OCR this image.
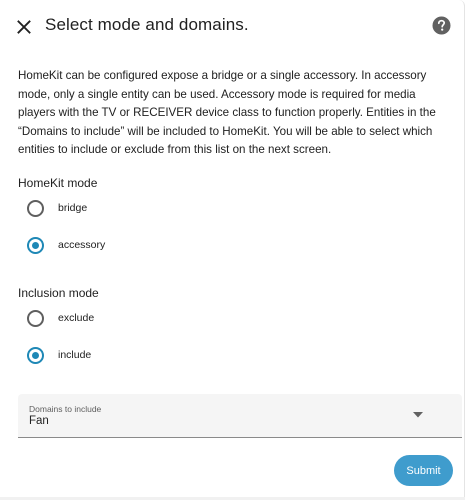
Select mode and domains.

HomeKit can be configured expose a bridge or a single accessory. In accessory mode, only a single entity can be used. Accessory mode is required for media players with the TV or RECEIVER device class to function properly. Entities in the “Domains to include” will be included to HomeKit. You will be able to select which entities to include or exclude from this list on the next screen.

HomeKit mode
bridge
accessory
Inclusion mode
exclude
include
Domains to include
Fan
Submit
